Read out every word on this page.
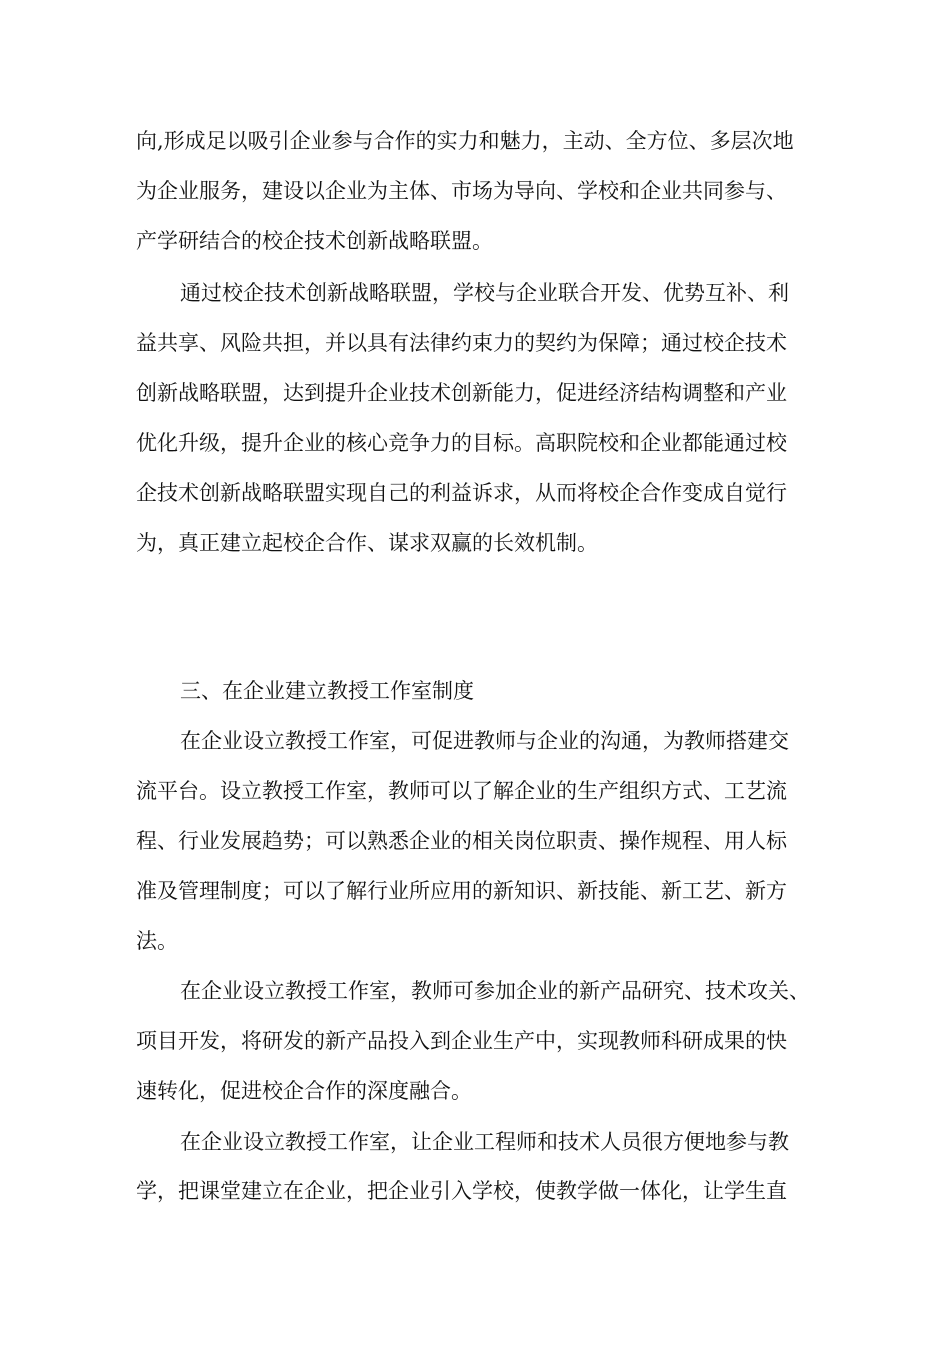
向,形成足以吸引企业参与合作的实力和魅力，主动、全方位、多层次地
为企业服务，建设以企业为主体、市场为导向、学校和企业共同参与、
产学研结合的校企技术创新战略联盟。
通过校企技术创新战略联盟，学校与企业联合开发、优势互补、利
益共享、风险共担，并以具有法律约束力的契约为保障；通过校企技术
创新战略联盟，达到提升企业技术创新能力，促进经济结构调整和产业
优化升级，提升企业的核心竞争力的目标。高职院校和企业都能通过校
企技术创新战略联盟实现自己的利益诉求，从而将校企合作变成自觉行
为，真正建立起校企合作、谋求双赢的长效机制。
三、在企业建立教授工作室制度
在企业设立教授工作室，可促进教师与企业的沟通，为教师搭建交
流平台。设立教授工作室，教师可以了解企业的生产组织方式、工艺流
程、行业发展趋势；可以熟悉企业的相关岗位职责、操作规程、用人标
准及管理制度；可以了解行业所应用的新知识、新技能、新工艺、新方
法。
在企业设立教授工作室，教师可参加企业的新产品研究、技术攻关、
项目开发，将研发的新产品投入到企业生产中，实现教师科研成果的快
速转化，促进校企合作的深度融合。
在企业设立教授工作室，让企业工程师和技术人员很方便地参与教
学，把课堂建立在企业，把企业引入学校，使教学做一体化，让学生直
